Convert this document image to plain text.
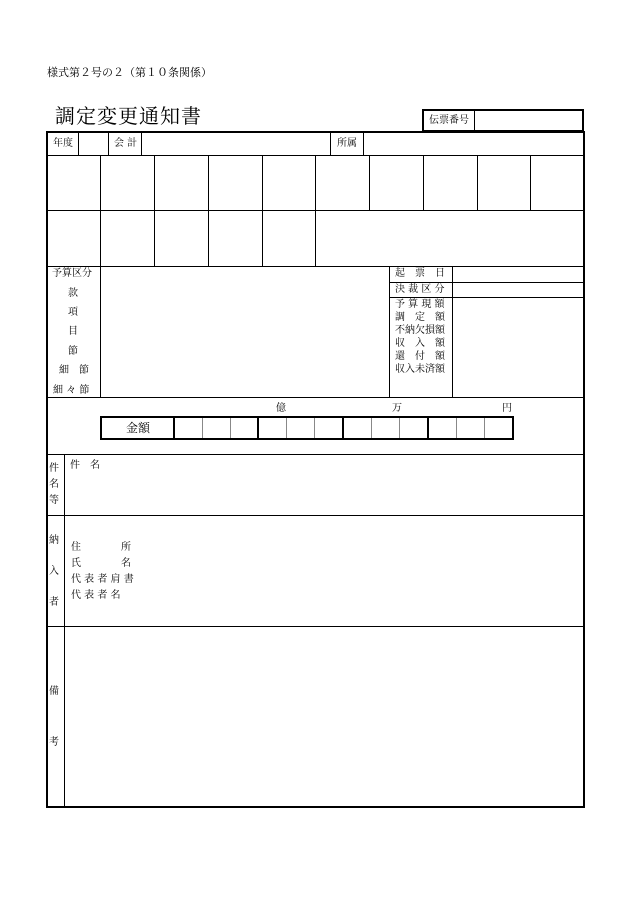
様式第２号の２（第１０条関係）
調定変更通知書	伝票番号
年度	会 計	所属
予算区分
款
項
目
節
細　節
細 々 節
起　票　日
決 裁 区 分
予 算 現 額
調　定　額
不納欠損額
収　入　額
還　付　額
収入未済額
億	万	円
金額
件
名
等
件　名
納
入
者
住　　　　所
氏　　　　名
代 表 者 肩 書
代 表 者 名
備
考
